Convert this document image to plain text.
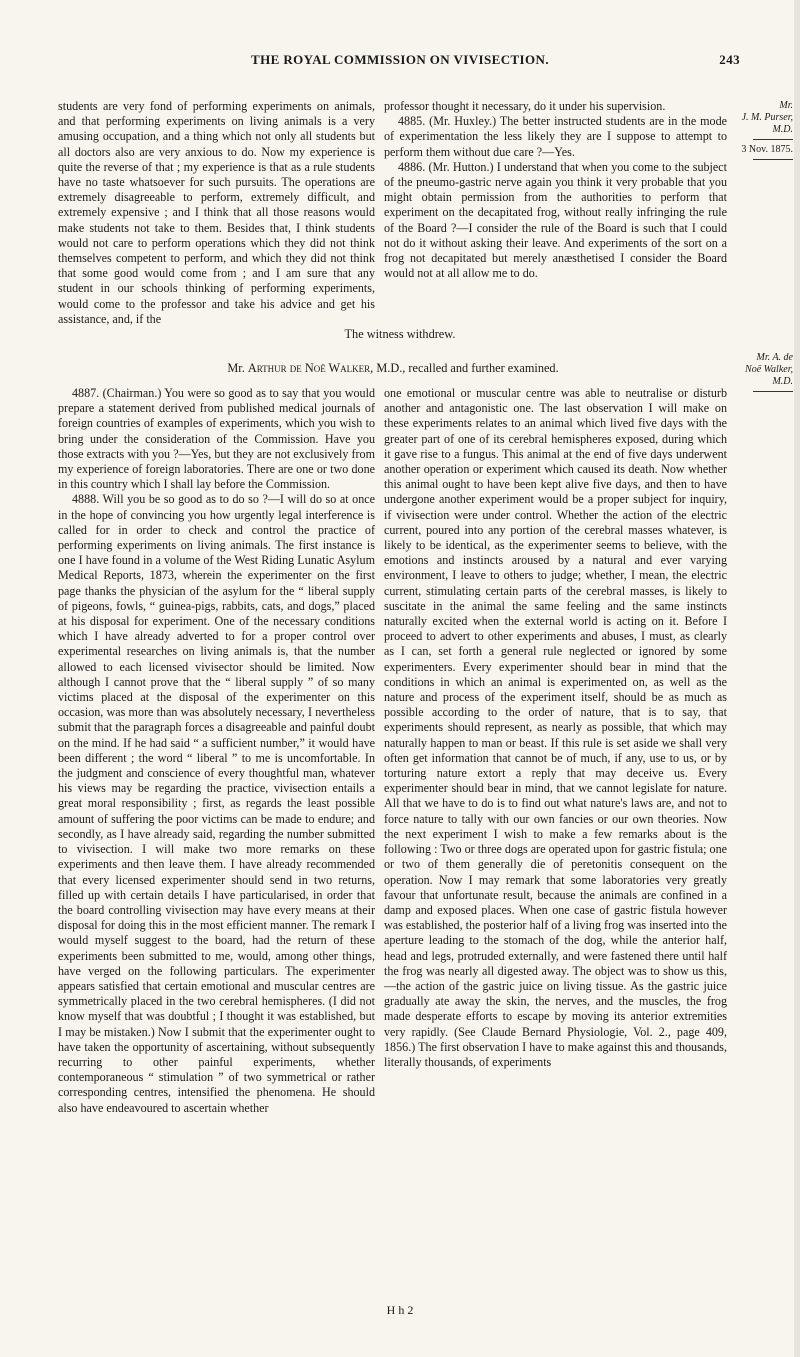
THE ROYAL COMMISSION ON VIVISECTION.	243

students are very fond of performing experiments on animals, and that performing experiments on living animals is a very amusing occupation, and a thing which not only all students but all doctors also are very anxious to do. Now my experience is quite the reverse of that ; my experience is that as a rule students have no taste whatsoever for such pursuits. The operations are extremely disagreeable to perform, extremely difficult, and extremely expensive ; and I think that all those reasons would make students not take to them. Besides that, I think students would not care to perform operations which they did not think themselves competent to perform, and which they did not think that some good would come from ; and I am sure that any student in our schools thinking of performing experiments, would come to the professor and take his advice and get his assistance, and, if the

professor thought it necessary, do it under his supervision.

4885. (Mr. Huxley.) The better instructed students are in the mode of experimentation the less likely they are I suppose to attempt to perform them without due care ?—Yes.

4886. (Mr. Hutton.) I understand that when you come to the subject of the pneumo-gastric nerve again you think it very probable that you might obtain permission from the authorities to perform that experiment on the decapitated frog, without really infringing the rule of the Board ?—I consider the rule of the Board is such that I could not do it without asking their leave. And experiments of the sort on a frog not decapitated but merely anæsthetised I consider the Board would not at all allow me to do.

Mr.
J. M. Purser,
M.D.
3 Nov. 1875.
The witness withdrew.
Mr. Arthur de Noë Walker, M.D., recalled and further examined.
Mr. A. de
Noë Walker,
M.D.

4887. (Chairman.) You were so good as to say that you would prepare a statement derived from published medical journals of foreign countries of examples of experiments, which you wish to bring under the consideration of the Commission. Have you those extracts with you ?—Yes, but they are not exclusively from my experience of foreign laboratories. There are one or two done in this country which I shall lay before the Commission.

4888. Will you be so good as to do so ?—I will do so at once in the hope of convincing you how urgently legal interference is called for in order to check and control the practice of performing experiments on living animals. The first instance is one I have found in a volume of the West Riding Lunatic Asylum Medical Reports, 1873, wherein the experimenter on the first page thanks the physician of the asylum for the “ liberal supply of pigeons, fowls, “ guinea-pigs, rabbits, cats, and dogs,” placed at his disposal for experiment. One of the necessary conditions which I have already adverted to for a proper control over experimental researches on living animals is, that the number allowed to each licensed vivisector should be limited. Now although I cannot prove that the “ liberal supply ” of so many victims placed at the disposal of the experimenter on this occasion, was more than was absolutely necessary, I nevertheless submit that the paragraph forces a disagreeable and painful doubt on the mind. If he had said “ a sufficient number,” it would have been different ; the word “ liberal ” to me is uncomfortable. In the judgment and conscience of every thoughtful man, whatever his views may be regarding the practice, vivisection entails a great moral responsibility ; first, as regards the least possible amount of suffering the poor victims can be made to endure; and secondly, as I have already said, regarding the number submitted to vivisection. I will make two more remarks on these experiments and then leave them. I have already recommended that every licensed experimenter should send in two returns, filled up with certain details I have particularised, in order that the board controlling vivisection may have every means at their disposal for doing this in the most efficient manner. The remark I would myself suggest to the board, had the return of these experiments been submitted to me, would, among other things, have verged on the following particulars. The experimenter appears satisfied that certain emotional and muscular centres are symmetrically placed in the two cerebral hemispheres. (I did not know myself that was doubtful ; I thought it was established, but I may be mistaken.) Now I submit that the experimenter ought to have taken the opportunity of ascertaining, without subsequently recurring to other painful experiments, whether contemporaneous “ stimulation ” of two symmetrical or rather corresponding centres, intensified the phenomena. He should also have endeavoured to ascertain whether

one emotional or muscular centre was able to neutralise or disturb another and antagonistic one. The last observation I will make on these experiments relates to an animal which lived five days with the greater part of one of its cerebral hemispheres exposed, during which it gave rise to a fungus. This animal at the end of five days underwent another operation or experiment which caused its death. Now whether this animal ought to have been kept alive five days, and then to have undergone another experiment would be a proper subject for inquiry, if vivisection were under control. Whether the action of the electric current, poured into any portion of the cerebral masses whatever, is likely to be identical, as the experimenter seems to believe, with the emotions and instincts aroused by a natural and ever varying environment, I leave to others to judge; whether, I mean, the electric current, stimulating certain parts of the cerebral masses, is likely to suscitate in the animal the same feeling and the same instincts naturally excited when the external world is acting on it. Before I proceed to advert to other experiments and abuses, I must, as clearly as I can, set forth a general rule neglected or ignored by some experimenters. Every experimenter should bear in mind that the conditions in which an animal is experimented on, as well as the nature and process of the experiment itself, should be as much as possible according to the order of nature, that is to say, that experiments should represent, as nearly as possible, that which may naturally happen to man or beast. If this rule is set aside we shall very often get information that cannot be of much, if any, use to us, or by torturing nature extort a reply that may deceive us. Every experimenter should bear in mind, that we cannot legislate for nature. All that we have to do is to find out what nature's laws are, and not to force nature to tally with our own fancies or our own theories. Now the next experiment I wish to make a few remarks about is the following : Two or three dogs are operated upon for gastric fistula; one or two of them generally die of peretonitis consequent on the operation. Now I may remark that some laboratories very greatly favour that unfortunate result, because the animals are confined in a damp and exposed places. When one case of gastric fistula however was established, the posterior half of a living frog was inserted into the aperture leading to the stomach of the dog, while the anterior half, head and legs, protruded externally, and were fastened there until half the frog was nearly all digested away. The object was to show us this,—the action of the gastric juice on living tissue. As the gastric juice gradually ate away the skin, the nerves, and the muscles, the frog made desperate efforts to escape by moving its anterior extremities very rapidly. (See Claude Bernard Physiologie, Vol. 2., page 409, 1856.) The first observation I have to make against this and thousands, literally thousands, of experiments

H h 2
